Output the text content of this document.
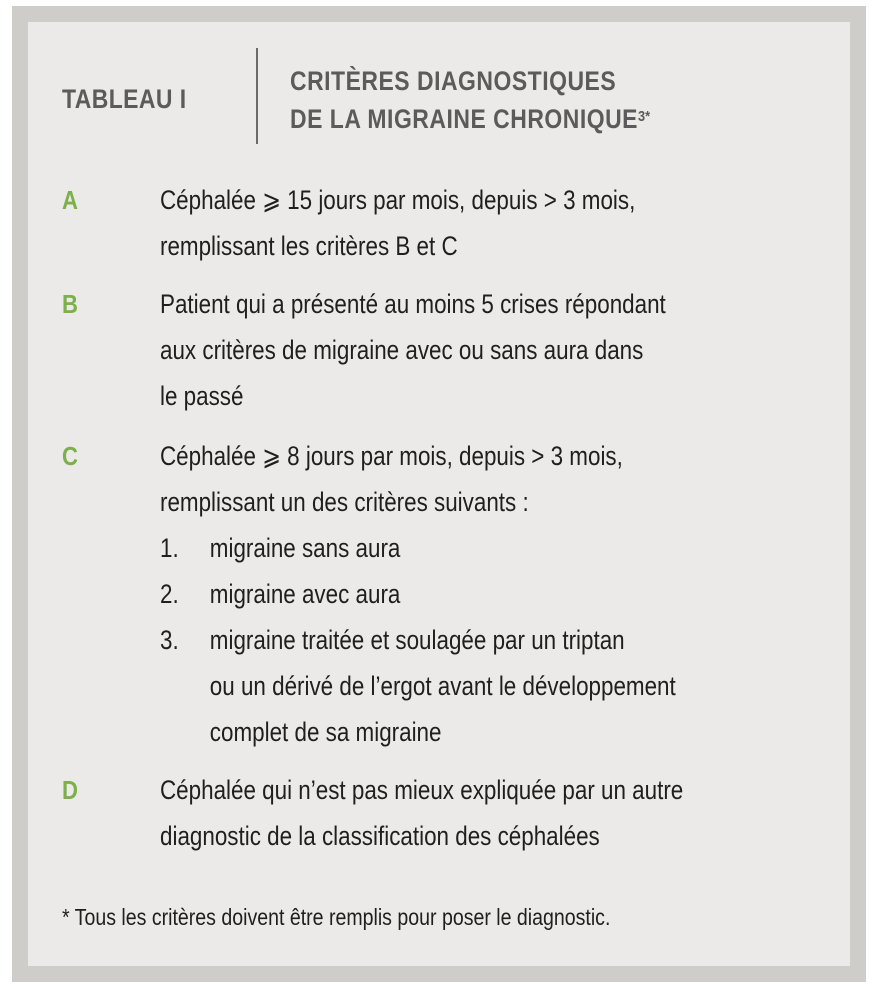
TABLEAU I
CRITÈRES DIAGNOSTIQUES
DE LA MIGRAINE $CHRONIQUE^{3*}$
A	Céphalée ⩾ 15 jours par mois, depuis > 3 mois,
remplissant les critères B et C
B	Patient qui a présenté au moins 5 crises répondant
aux critères de migraine avec ou sans aura dans
le passé
C	Céphalée ⩾ 8 jours par mois, depuis > 3 mois,
remplissant un des critères suivants :
1. migraine sans aura
2. migraine avec aura
3. migraine traitée et soulagée par un triptan
ou un dérivé de l’ergot avant le développement
complet de sa migraine
D	Céphalée qui n’est pas mieux expliquée par un autre
diagnostic de la classification des céphalées
* Tous les critères doivent être remplis pour poser le diagnostic.
